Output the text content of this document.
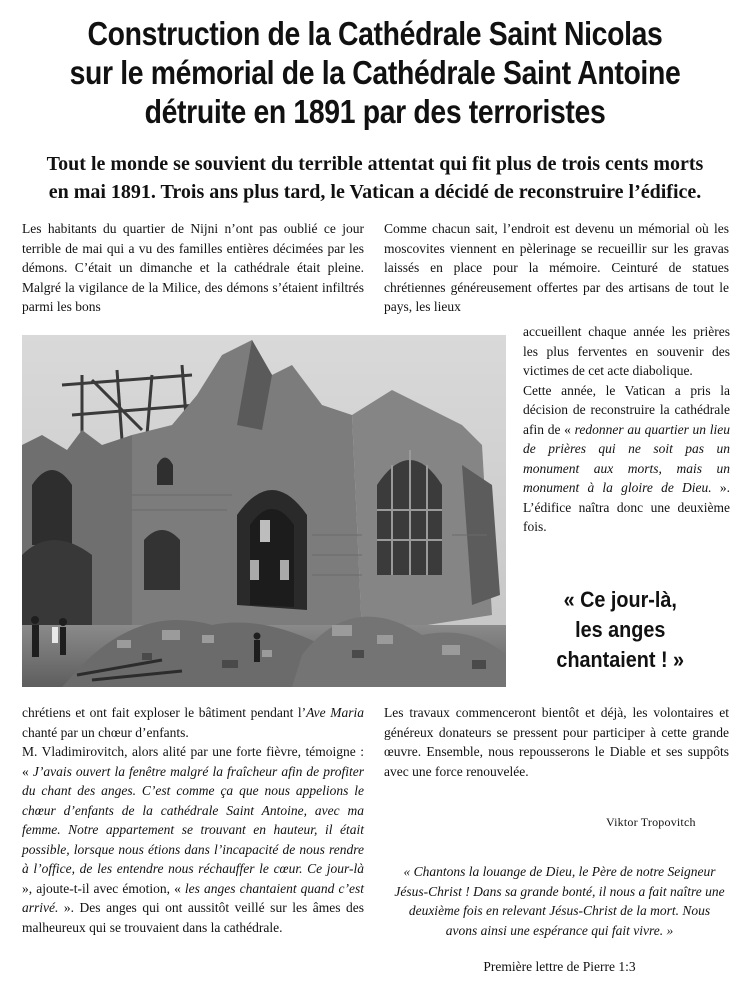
Construction de la Cathédrale Saint Nicolas
sur le mémorial de la Cathédrale Saint Antoine
détruite en 1891 par des terroristes
Tout le monde se souvient du terrible attentat qui fit plus de trois cents morts
en mai 1891. Trois ans plus tard, le Vatican a décidé de reconstruire l’édifice.

Les habitants du quartier de Nijni n’ont pas oublié ce jour terrible de mai qui a vu des familles entières décimées par les démons. C’était un dimanche et la cathédrale était pleine. Malgré la vigilance de la Milice, des démons s’étaient infiltrés parmi les bons

Comme chacun sait, l’endroit est devenu un mémorial où les moscovites viennent en pèlerinage se recueillir sur les gravas laissés en place pour la mémoire. Ceinturé de statues chrétiennes généreusement offertes par des artisans de tout le pays, les lieux

accueillent chaque année les prières les plus ferventes en souvenir des victimes de cet acte diabolique.

Cette année, le Vatican a pris la décision de reconstruire la cathédrale afin de « redonner au quartier un lieu de prières qui ne soit pas un monument aux morts, mais un monument à la gloire de Dieu. ». L’édifice naîtra donc une deuxième fois.

« Ce jour-là,
les anges
chantaient ! »

chrétiens et ont fait exploser le bâtiment pendant l’Ave Maria chanté par un chœur d’enfants.

M. Vladimirovitch, alors alité par une forte fièvre, témoigne : « J’avais ouvert la fenêtre malgré la fraîcheur afin de profiter du chant des anges. C’est comme ça que nous appelions le chœur d’enfants de la cathédrale Saint Antoine, avec ma femme. Notre appartement se trouvant en hauteur, il était possible, lorsque nous étions dans l’incapacité de nous rendre à l’office, de les entendre nous réchauffer le cœur. Ce jour-là », ajoute-t-il avec émotion, « les anges chantaient quand c’est arrivé. ». Des anges qui ont aussitôt veillé sur les âmes des malheureux qui se trouvaient dans la cathédrale.

Les travaux commenceront bientôt et déjà, les volontaires et généreux donateurs se pressent pour participer à cette grande œuvre. Ensemble, nous repousserons le Diable et ses suppôts avec une force renouvelée.

Viktor Tropovitch

« Chantons la louange de Dieu, le Père de notre Seigneur Jésus-Christ ! Dans sa grande bonté, il nous a fait naître une deuxième fois en relevant Jésus-Christ de la mort. Nous avons ainsi une espérance qui fait vivre. »

Première lettre de Pierre 1:3
